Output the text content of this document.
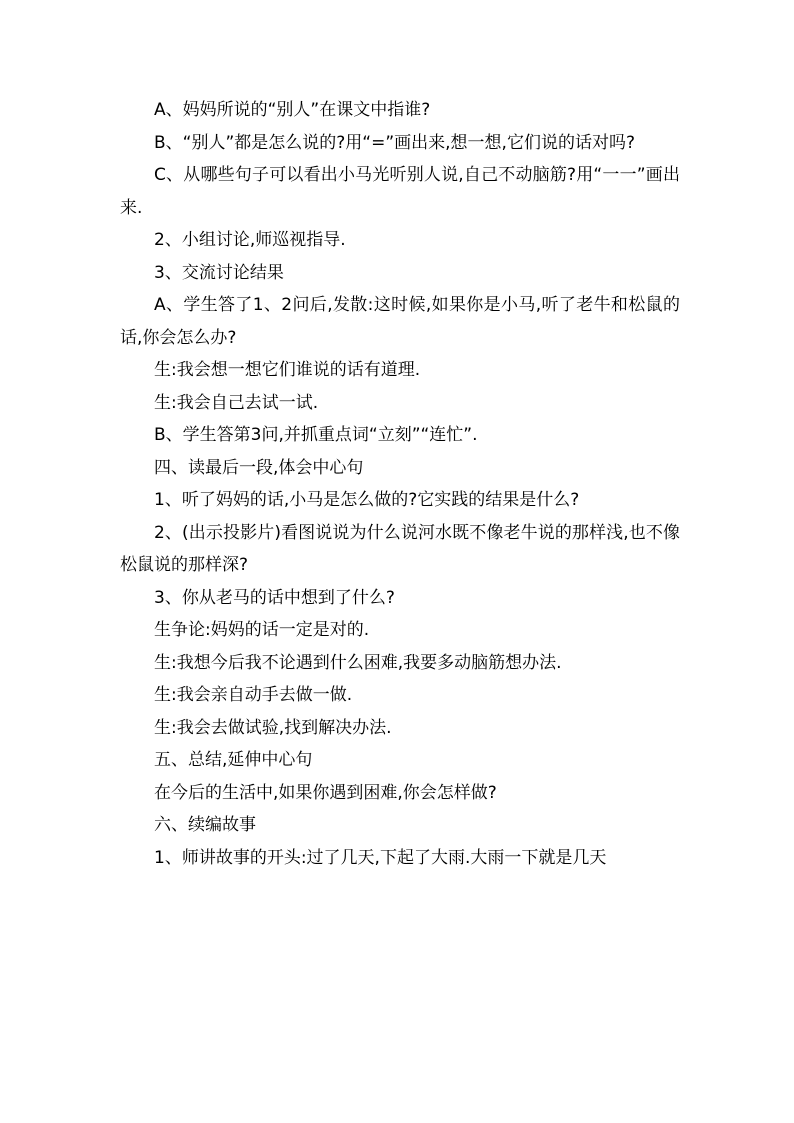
A、妈妈所说的“别人”在课文中指谁?

B、“别人”都是怎么说的?用“=”画出来,想一想,它们说的话对吗?

C、从哪些句子可以看出小马光听别人说,自己不动脑筋?用“一一”画出来.

2、小组讨论,师巡视指导.

3、交流讨论结果

A、学生答了1、2问后,发散:这时候,如果你是小马,听了老牛和松鼠的话,你会怎么办?

生:我会想一想它们谁说的话有道理.

生:我会自己去试一试.

B、学生答第3问,并抓重点词“立刻”“连忙”.

四、读最后一段,体会中心句

1、听了妈妈的话,小马是怎么做的?它实践的结果是什么?

2、(出示投影片)看图说说为什么说河水既不像老牛说的那样浅,也不像松鼠说的那样深?

3、你从老马的话中想到了什么?

生争论:妈妈的话一定是对的.

生:我想今后我不论遇到什么困难,我要多动脑筋想办法.

生:我会亲自动手去做一做.

生:我会去做试验,找到解决办法.

五、总结,延伸中心句

在今后的生活中,如果你遇到困难,你会怎样做?

六、续编故事

1、师讲故事的开头:过了几天,下起了大雨.大雨一下就是几天
